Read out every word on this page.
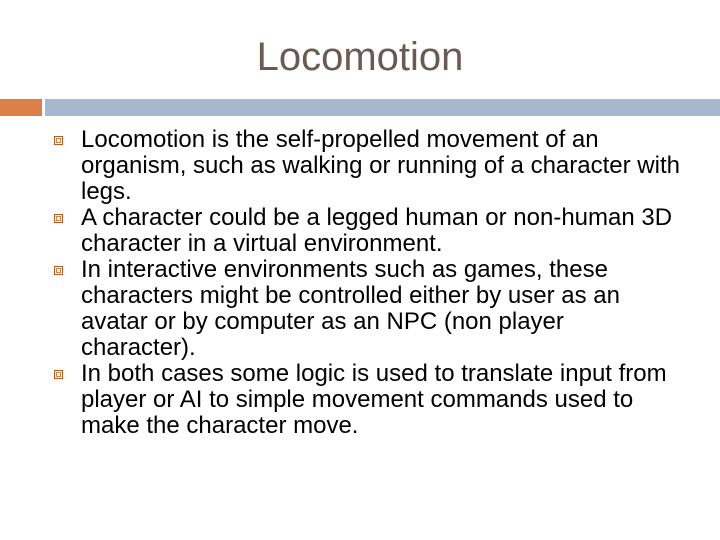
Locomotion
Locomotion is the self-propelled movement of an organism, such as walking or running of a character with legs.
A character could be a legged human or non-human 3D character in a virtual environment.
In interactive environments such as games, these characters might be controlled either by user as an avatar or by computer as an NPC (non player character).
In both cases some logic is used to translate input from player or AI to simple movement commands used to make the character move.
